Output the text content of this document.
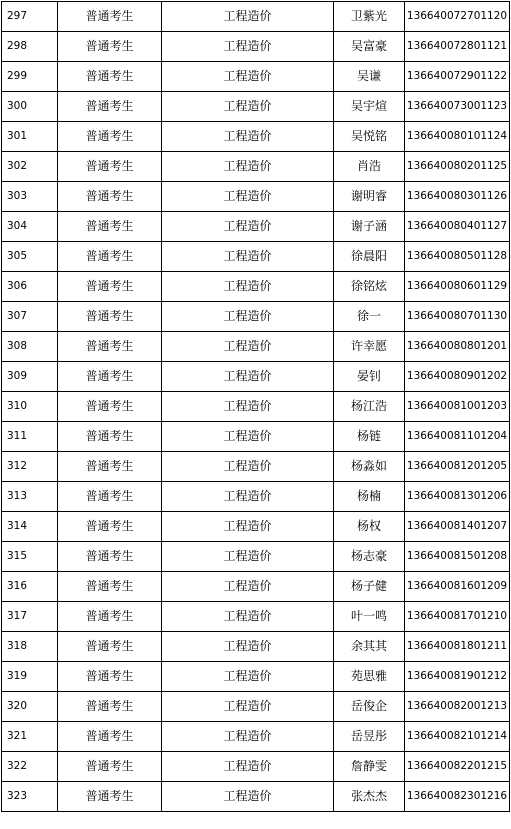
297	普通考生	工程造价	卫紫光	136640072701120
298	普通考生	工程造价	吴富豪	136640072801121
299	普通考生	工程造价	吴谦	136640072901122
300	普通考生	工程造价	吴宇煊	136640073001123
301	普通考生	工程造价	吴悦铭	136640080101124
302	普通考生	工程造价	肖浩	136640080201125
303	普通考生	工程造价	谢明睿	136640080301126
304	普通考生	工程造价	谢子涵	136640080401127
305	普通考生	工程造价	徐晨阳	136640080501128
306	普通考生	工程造价	徐铭炫	136640080601129
307	普通考生	工程造价	徐一	136640080701130
308	普通考生	工程造价	许幸愿	136640080801201
309	普通考生	工程造价	晏钊	136640080901202
310	普通考生	工程造价	杨江浩	136640081001203
311	普通考生	工程造价	杨链	136640081101204
312	普通考生	工程造价	杨淼如	136640081201205
313	普通考生	工程造价	杨楠	136640081301206
314	普通考生	工程造价	杨权	136640081401207
315	普通考生	工程造价	杨志豪	136640081501208
316	普通考生	工程造价	杨子健	136640081601209
317	普通考生	工程造价	叶一鸣	136640081701210
318	普通考生	工程造价	余其其	136640081801211
319	普通考生	工程造价	苑思雅	136640081901212
320	普通考生	工程造价	岳俊企	136640082001213
321	普通考生	工程造价	岳昱彤	136640082101214
322	普通考生	工程造价	詹静雯	136640082201215
323	普通考生	工程造价	张杰杰	136640082301216
